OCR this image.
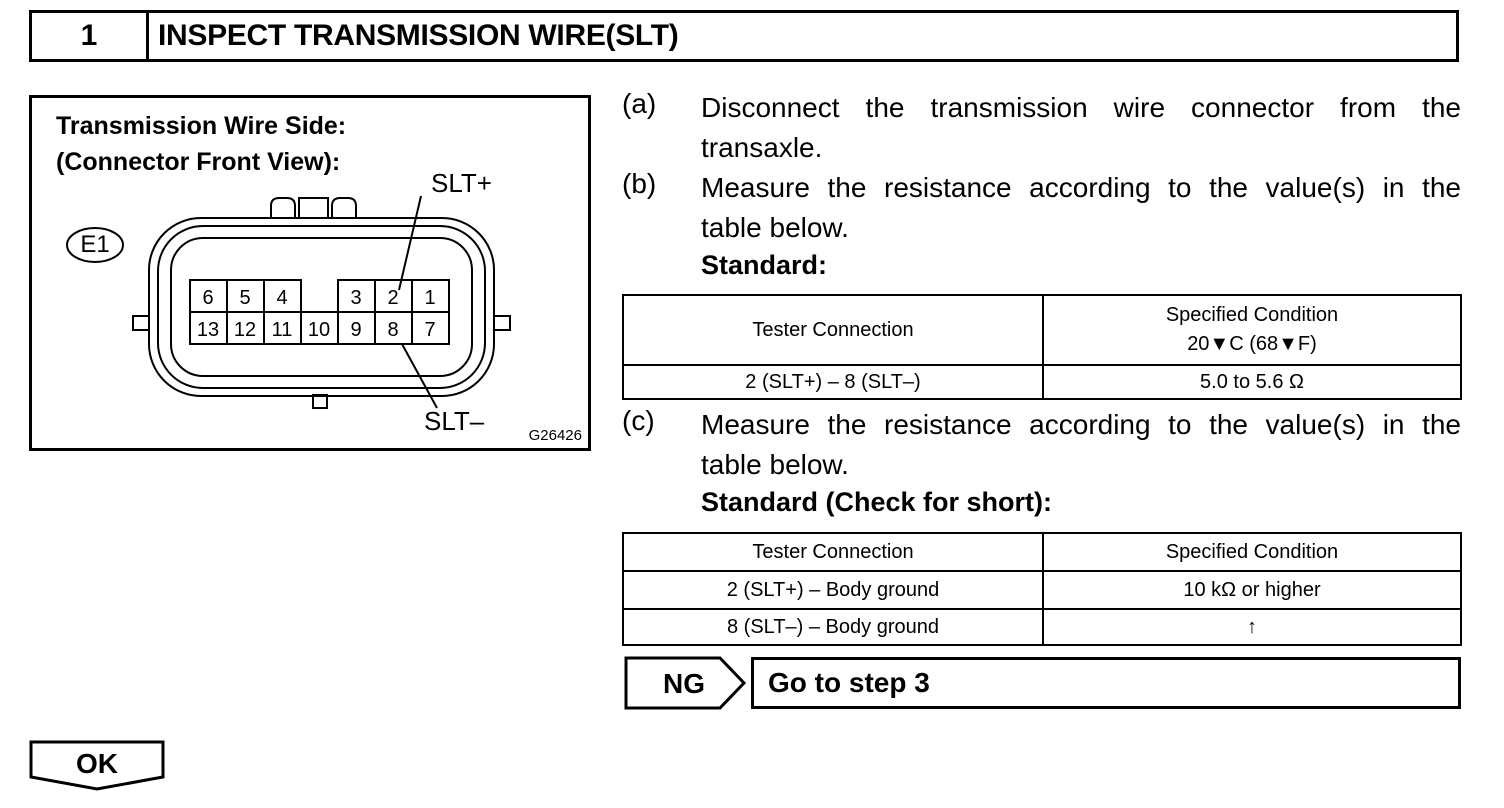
1	INSPECT TRANSMISSION WIRE(SLT)
E1
6 5 4	3 2 1
13 12 11 10 9 8 7
Transmission Wire Side:
(Connector Front View):
SLT+
SLT–	G26426
(a) Disconnect the transmission wire connector from the
transaxle.
(b) Measure the resistance according to the value(s) in the
table below.
Standard:
Tester Connection	Specified Condition
20▼C (68▼F)

2 (SLT+) – 8 (SLT–)	5.0 to 5.6 Ω
(c) Measure the resistance according to the value(s) in the
table below.
Standard (Check for short):
Tester Connection	Specified Condition
2 (SLT+) – Body ground	10 kΩ or higher
8 (SLT–) – Body ground	↑
NG	Go to step 3
OK
